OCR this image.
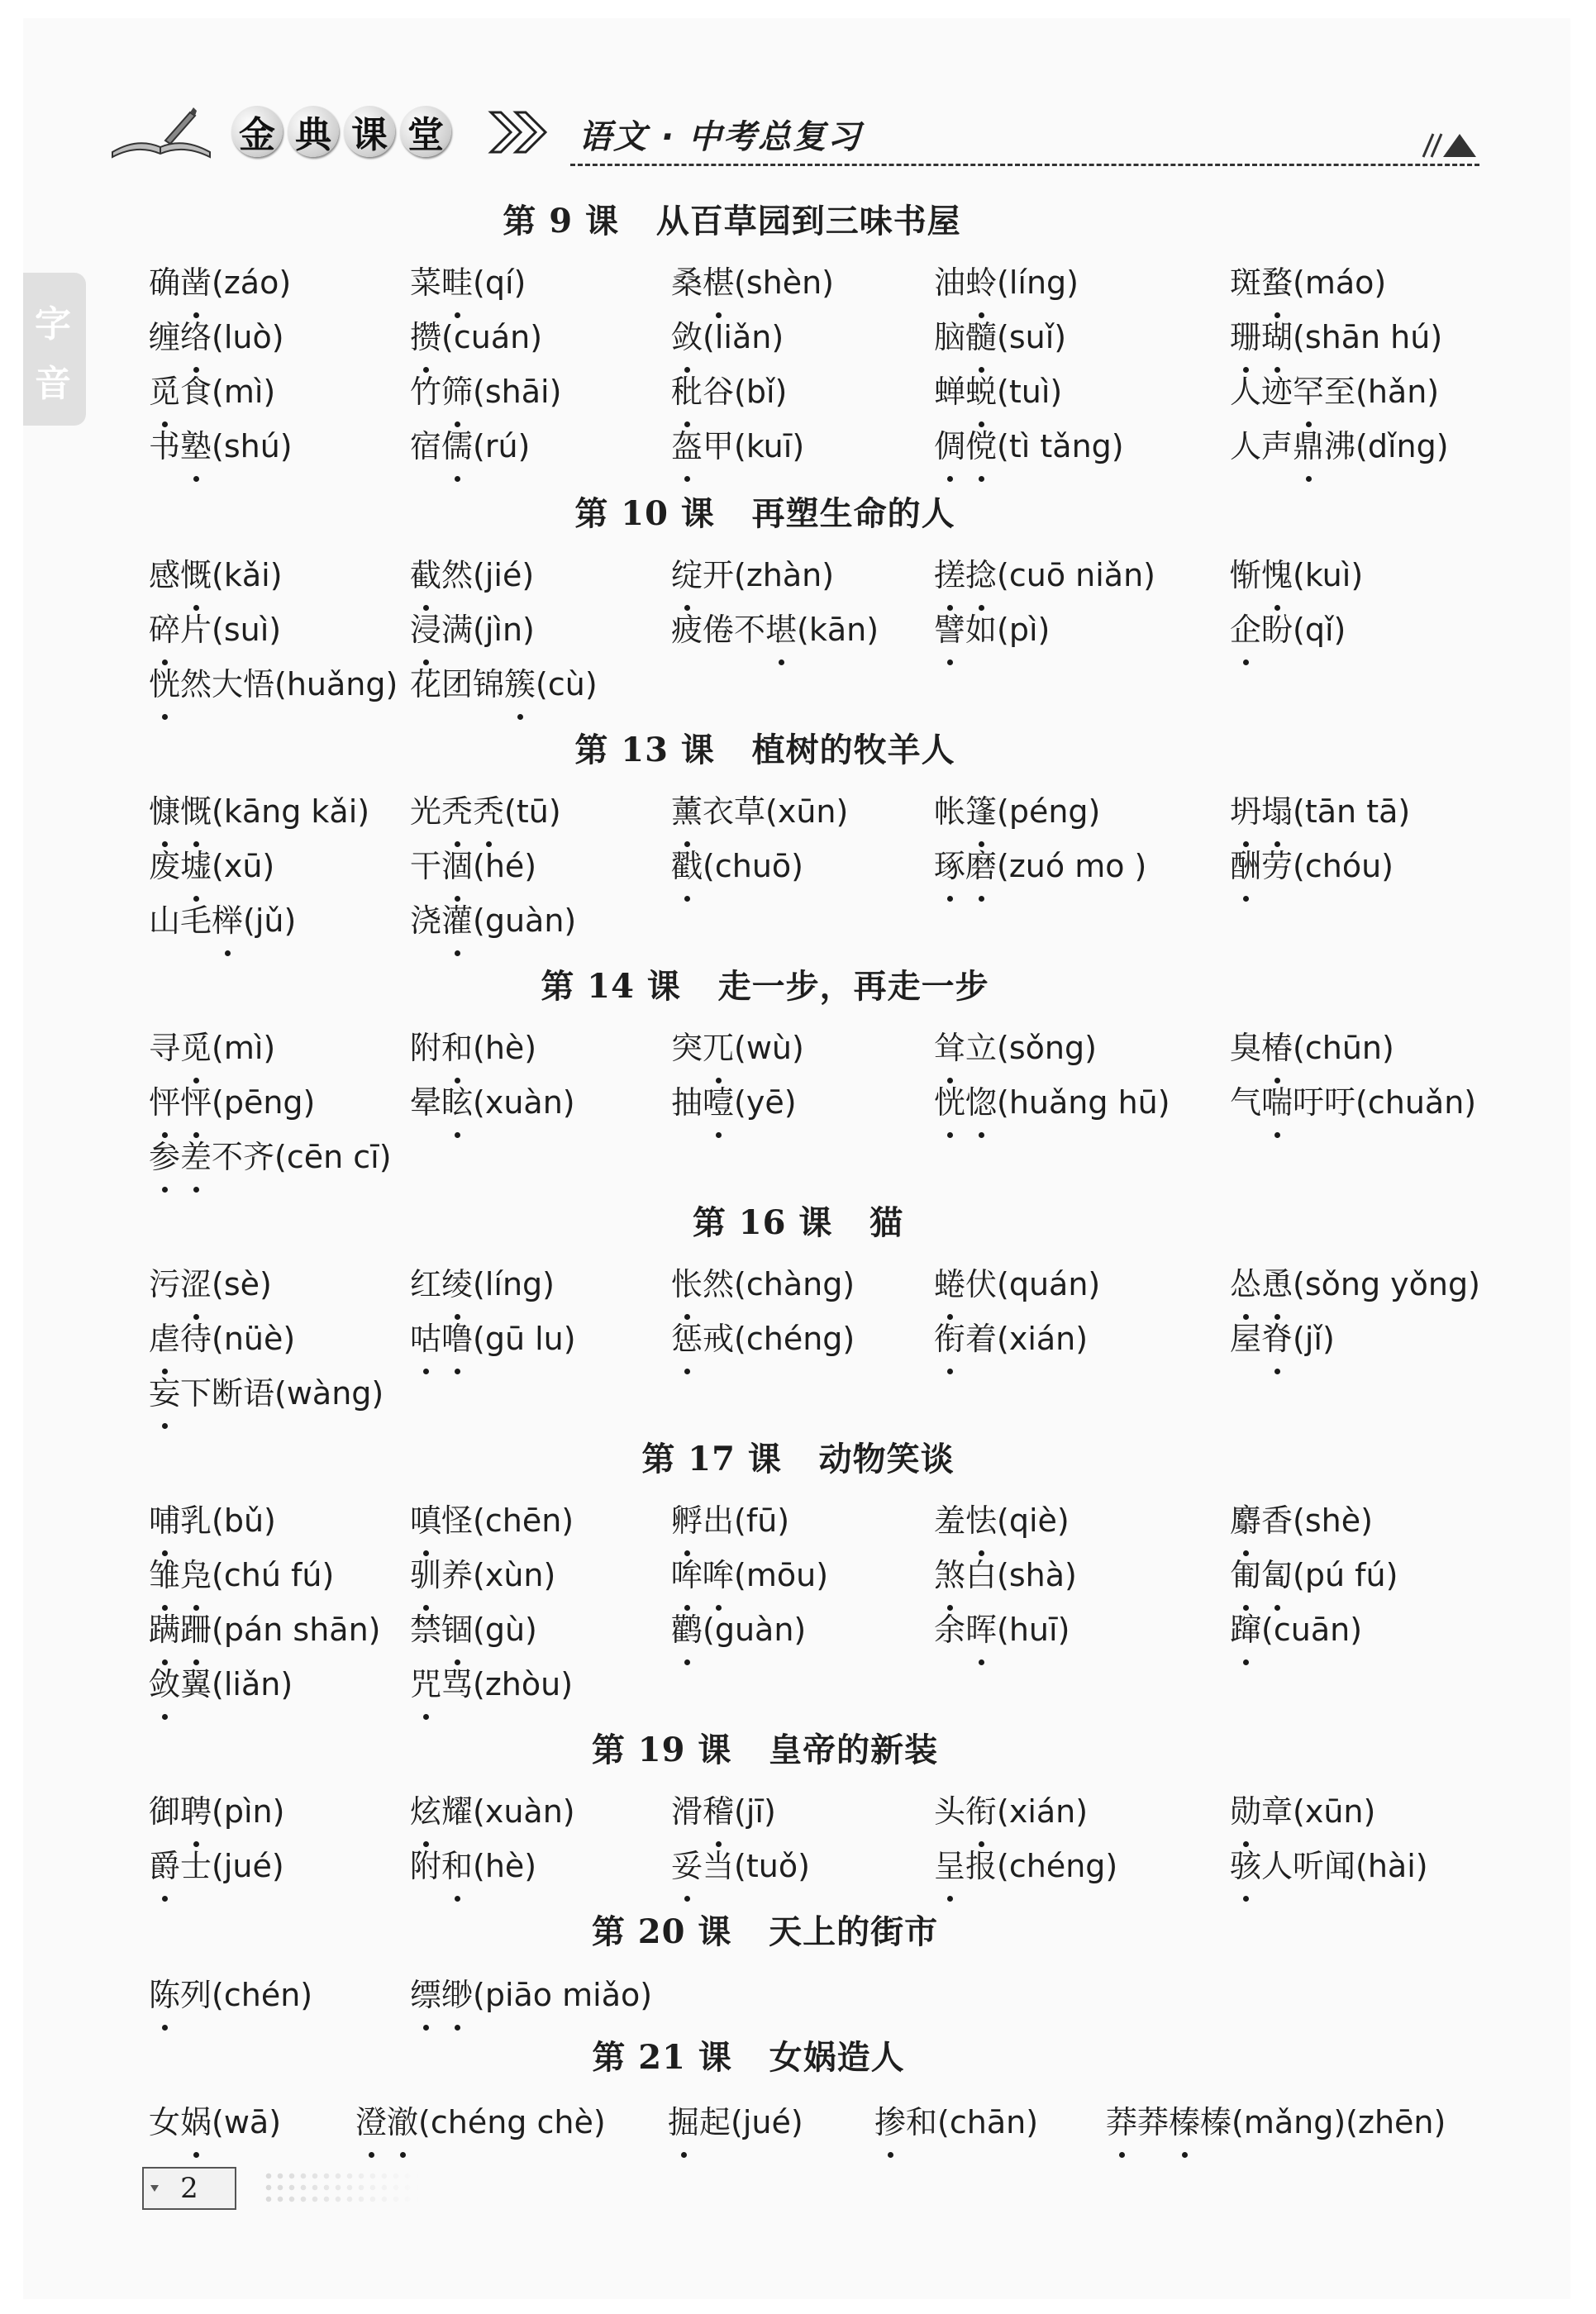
金 典 课 堂	语文 · 中考总复习
字
音
第 9 课 从百草园到三味书屋
确凿(záo)	菜畦(qí)	桑椹(shèn)	油蛉(líng)	斑蝥(máo)
缠络(luò)	攒(cuán)	敛(liǎn)	脑髓(suǐ)	珊瑚(shān hú)
觅食(mì)	竹筛(shāi)	秕谷(bǐ)	蝉蜕(tuì)	人迹罕至(hǎn)
书塾(shú)	宿儒(rú)	盔甲(kuī)	倜傥(tì tǎng)	人声鼎沸(dǐng)
第 10 课 再塑生命的人
感慨(kǎi)	截然(jié)	绽开(zhàn)	搓捻(cuō niǎn) 惭愧(kuì)
碎片(suì)	浸满(jìn)	疲倦不堪(kān) 譬如(pì)	企盼(qǐ)
恍然大悟(huǎng) 花团锦簇(cù)
第 13 课 植树的牧羊人
慷慨(kāng kǎi) 光秃秃(tū)	薰衣草(xūn)	帐篷(péng)	坍塌(tān tā)
废墟(xū)	干涸(hé)	戳(chuō)	琢磨(zuó mo )	酬劳(chóu)
山毛榉(jǔ)	浇灌(guàn)
第 14 课 走一步，再走一步
寻觅(mì)	附和(hè)	突兀(wù)	耸立(sǒng)	臭椿(chūn)
怦怦(pēng)	晕眩(xuàn)	抽噎(yē)	恍惚(huǎng hū) 气喘吁吁(chuǎn)
参差不齐(cēn cī)
第 16 课 猫
污涩(sè)	红绫(líng)	怅然(chàng)	蜷伏(quán)	怂恿(sǒng yǒng)
虐待(nüè)	咕噜(gū lu)	惩戒(chéng)	衔着(xián)	屋脊(jǐ)
妄下断语(wàng)
第 17 课 动物笑谈
哺乳(bǔ)	嗔怪(chēn)	孵出(fū)	羞怯(qiè)	麝香(shè)
雏凫(chú fú) 驯养(xùn)	哞哞(mōu)	煞白(shà)	匍匐(pú fú)
蹒跚(pán shān) 禁锢(gù)	鹳(guàn)	余晖(huī)	蹿(cuān)
敛翼(liǎn)	咒骂(zhòu)
第 19 课 皇帝的新装
御聘(pìn)	炫耀(xuàn)	滑稽(jī)	头衔(xián)	勋章(xūn)
爵士(jué)	附和(hè)	妥当(tuǒ)	呈报(chéng)	骇人听闻(hài)
第 20 课 天上的街市
陈列(chén)	缥缈(piāo miǎo)
第 21 课 女娲造人
女娲(wā) 澄澈(chéng chè) 掘起(jué) 掺和(chān) 莽莽榛榛(mǎng)(zhēn)
2
